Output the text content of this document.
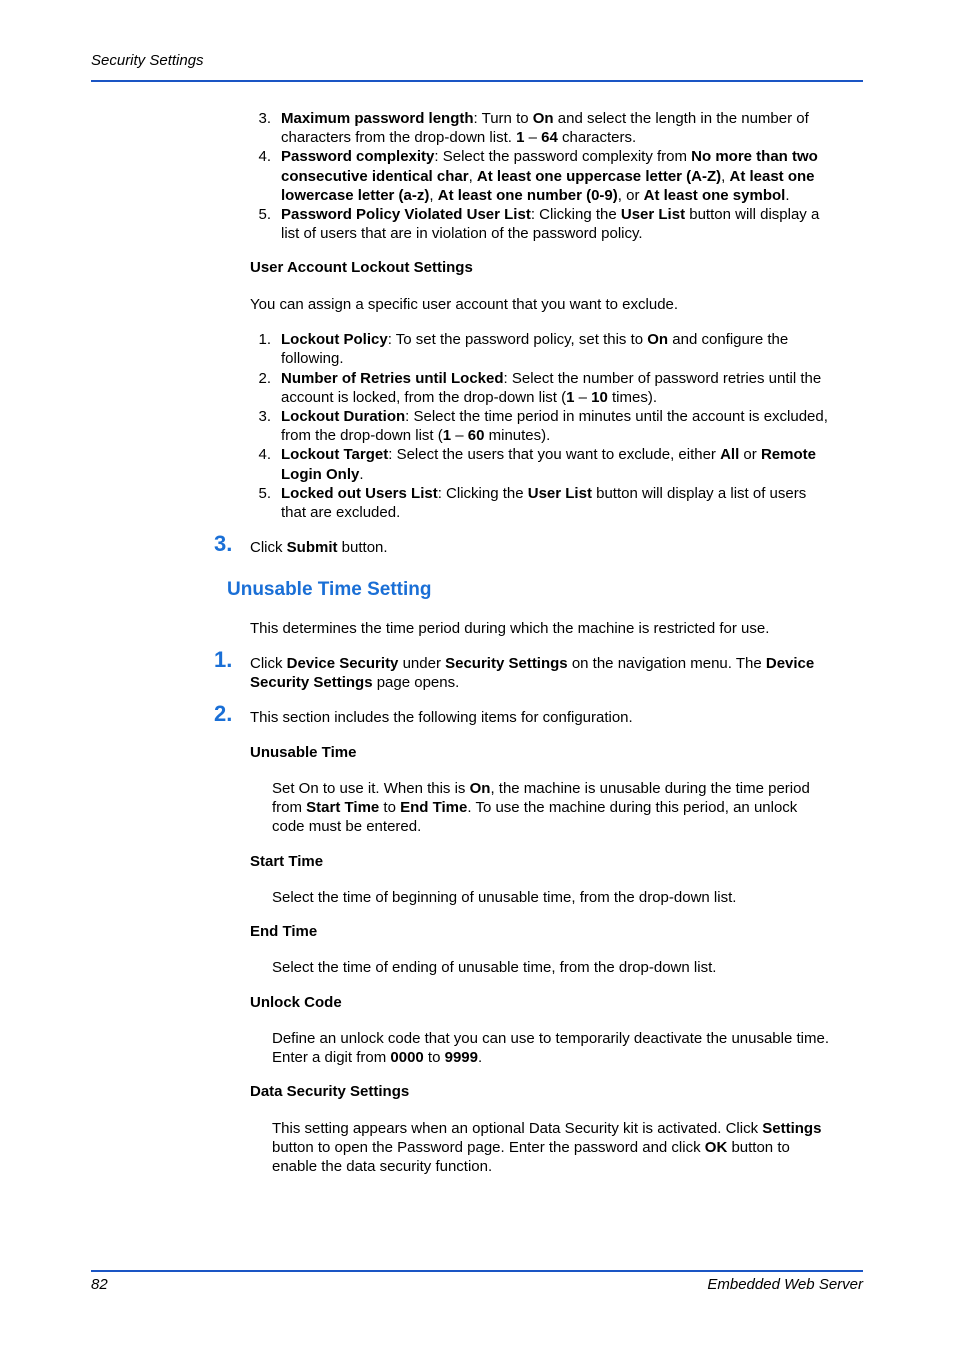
Security Settings
3. Maximum password length: Turn to On and select the length in the number of
characters from the drop-down list. 1 – 64 characters.
4. Password complexity: Select the password complexity from No more than two
consecutive identical char, At least one uppercase letter (A-Z), At least one
lowercase letter (a-z), At least one number (0-9), or At least one symbol.
5. Password Policy Violated User List: Clicking the User List button will display a
list of users that are in violation of the password policy.
User Account Lockout Settings
You can assign a specific user account that you want to exclude.
1. Lockout Policy: To set the password policy, set this to On and configure the
following.
2. Number of Retries until Locked: Select the number of password retries until the
account is locked, from the drop-down list (1 – 10 times).
3. Lockout Duration: Select the time period in minutes until the account is excluded,
from the drop-down list (1 – 60 minutes).
4. Lockout Target: Select the users that you want to exclude, either All or Remote
Login Only.
5. Locked out Users List: Clicking the User List button will display a list of users
that are excluded.
3. Click Submit button.
Unusable Time Setting
This determines the time period during which the machine is restricted for use.
1. Click Device Security under Security Settings on the navigation menu. The Device
Security Settings page opens.
2. This section includes the following items for configuration.
Unusable Time
Set On to use it. When this is On, the machine is unusable during the time period
from Start Time to End Time. To use the machine during this period, an unlock
code must be entered.
Start Time
Select the time of beginning of unusable time, from the drop-down list.
End Time
Select the time of ending of unusable time, from the drop-down list.
Unlock Code
Define an unlock code that you can use to temporarily deactivate the unusable time.
Enter a digit from 0000 to 9999.
Data Security Settings
This setting appears when an optional Data Security kit is activated. Click Settings
button to open the Password page. Enter the password and click OK button to
enable the data security function.
82	Embedded Web Server
